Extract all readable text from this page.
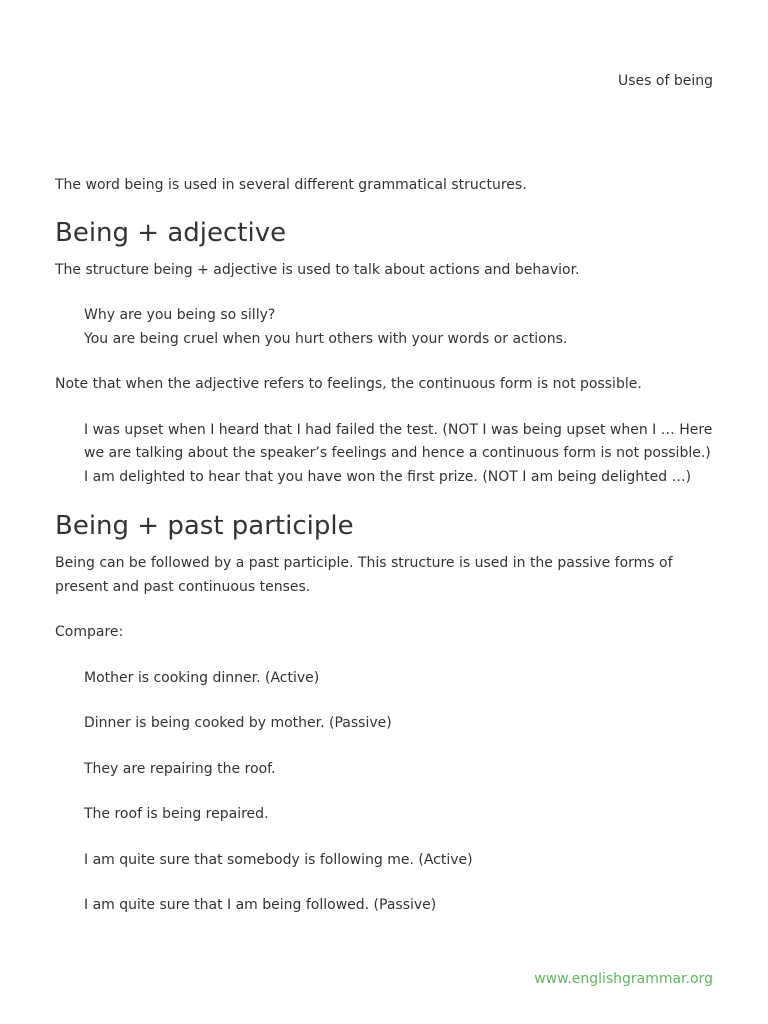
Uses of being

The word being is used in several different grammatical structures.

Being + adjective

The structure being + adjective is used to talk about actions and behavior.

Why are you being so silly?

You are being cruel when you hurt others with your words or actions.

Note that when the adjective refers to feelings, the continuous form is not possible.

I was upset when I heard that I had failed the test. (NOT I was being upset when I … Here we are talking about the speaker’s feelings and hence a continuous form is not possible.)

I am delighted to hear that you have won the first prize. (NOT I am being delighted …)

Being + past participle

Being can be followed by a past participle. This structure is used in the passive forms of present and past continuous tenses.

Compare:

Mother is cooking dinner. (Active)

Dinner is being cooked by mother. (Passive)

They are repairing the roof.

The roof is being repaired.

I am quite sure that somebody is following me. (Active)

I am quite sure that I am being followed. (Passive)

www.englishgrammar.org
